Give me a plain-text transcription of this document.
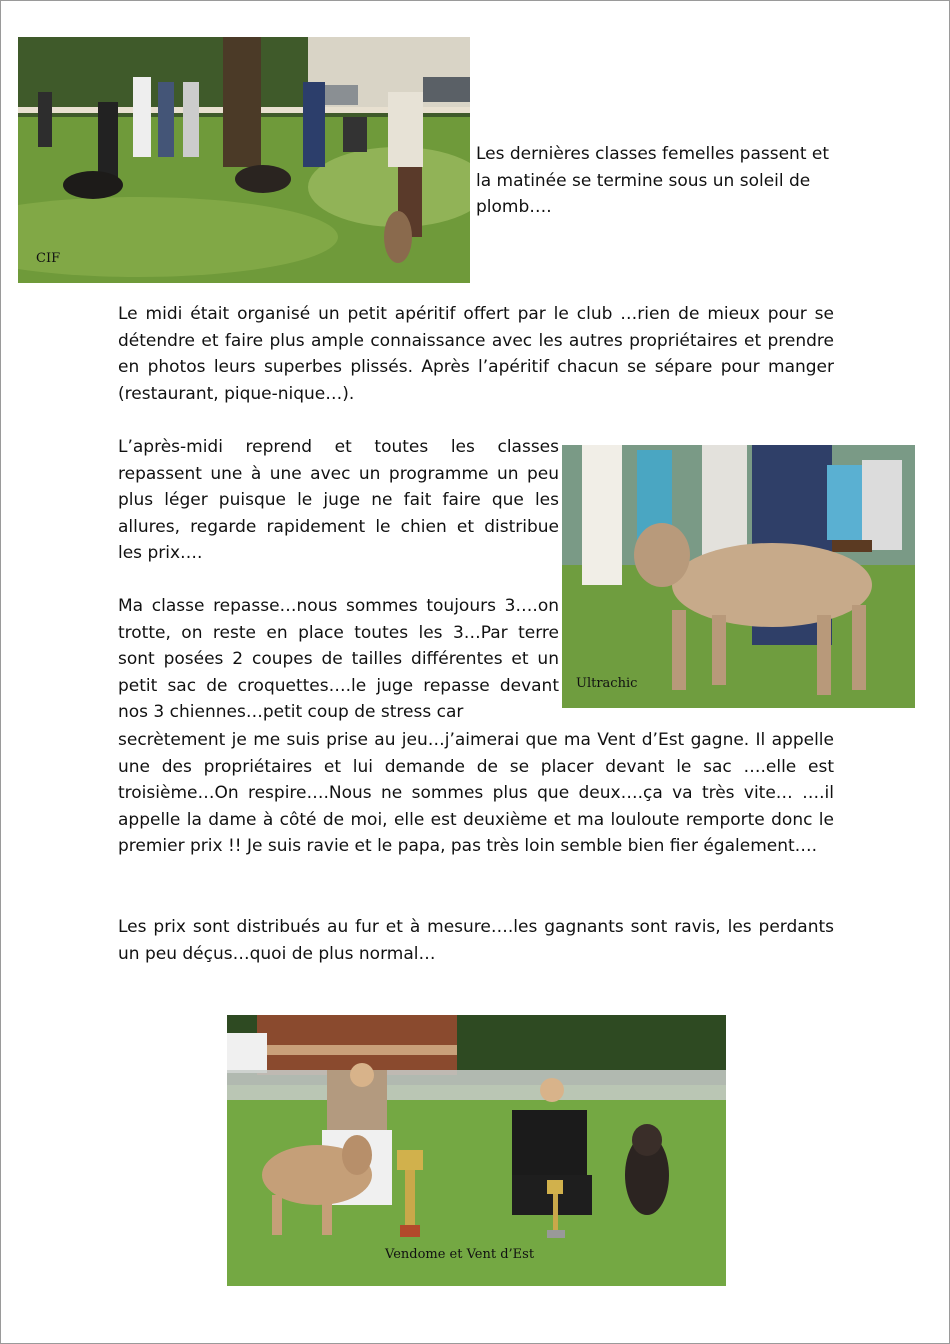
CIF

Les dernières classes femelles passent et la matinée se termine sous un soleil de plomb….

Le midi était organisé un petit apéritif offert par le club …rien de mieux pour se détendre et faire plus ample connaissance avec les autres propriétaires et prendre en photos leurs superbes plissés. Après l’apéritif chacun se sépare pour manger (restaurant, pique-nique…).

Ultrachic

L’après-midi reprend et toutes les classes repassent une à une avec un programme un peu plus léger puisque le juge ne fait faire que les allures, regarde rapidement le chien et distribue les prix….

Ma classe repasse…nous sommes toujours 3….on trotte, on reste en place toutes les 3…Par terre sont posées 2 coupes de tailles différentes et un petit sac de croquettes….le juge repasse devant nos 3 chiennes…petit coup de stress car

secrètement je me suis prise au jeu…j’aimerai que ma Vent d’Est gagne. Il appelle une des propriétaires et lui demande de se placer devant le sac ….elle est troisième…On respire….Nous ne sommes plus que deux….ça va très vite… ….il appelle la dame à côté de moi, elle est deuxième et ma louloute remporte donc le premier prix !! Je suis ravie et le papa, pas très loin semble bien fier également….

Les prix sont distribués au fur et à mesure….les gagnants sont ravis, les perdants un peu déçus…quoi de plus normal…

Vendome et Vent d’Est
